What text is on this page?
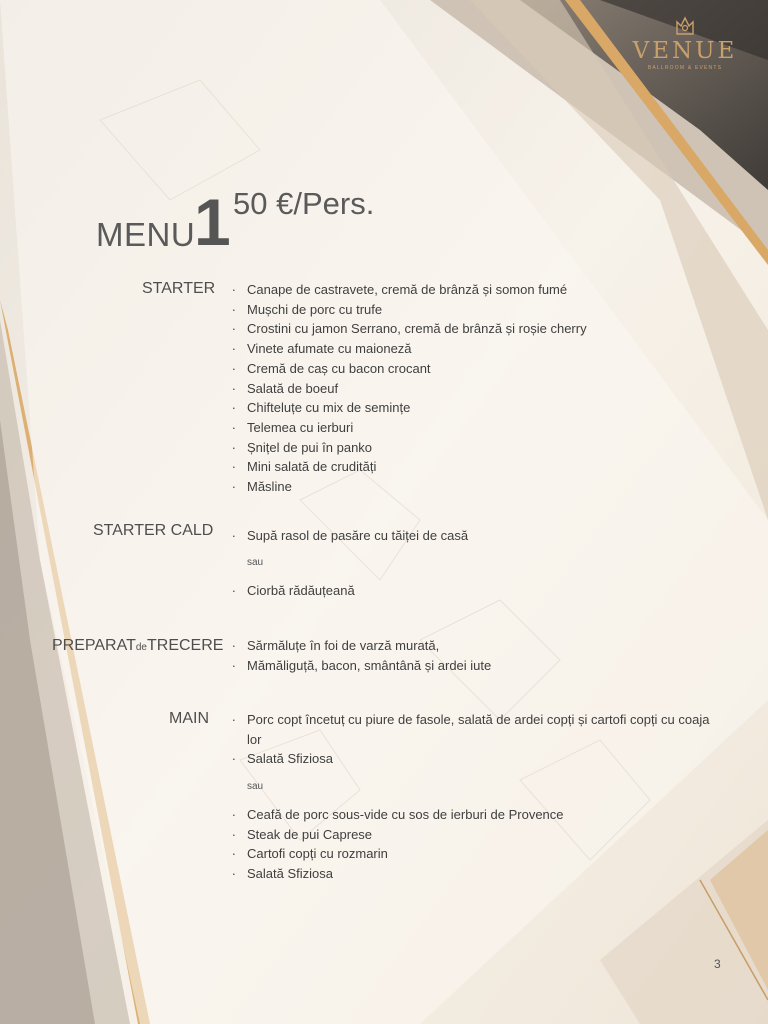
VENUE
BALLROOM & EVENTS
MENU
1 50 €/Pers.
STARTER	. Canape de castravete, cremă de brânză și somon fumé
. Mușchi de porc cu trufe
. Crostini cu jamon Serrano, cremă de brânză și roșie cherry
. Vinete afumate cu maioneză
. Cremă de caș cu bacon crocant
. Salată de boeuf
. Chifteluțe cu mix de semințe
. Telemea cu ierburi
. Șnițel de pui în panko
. Mini salată de crudități
. Măsline
STARTER CALD	. Supă rasol de pasăre cu tăiței de casă
sau
. Ciorbă rădăuțeană
PREPARATdeTRECERE	. Sărmăluțe în foi de varză murată,
. Mămăliguță, bacon, smântână și ardei iute
MAIN	. Porc copt încetuț cu piure de fasole, salată de ardei copți și cartofi copți cu coaja lor
. Salată Sfiziosa
sau
. Ceafă de porc sous-vide cu sos de ierburi de Provence
. Steak de pui Caprese
. Cartofi copți cu rozmarin
. Salată Sfiziosa
3
